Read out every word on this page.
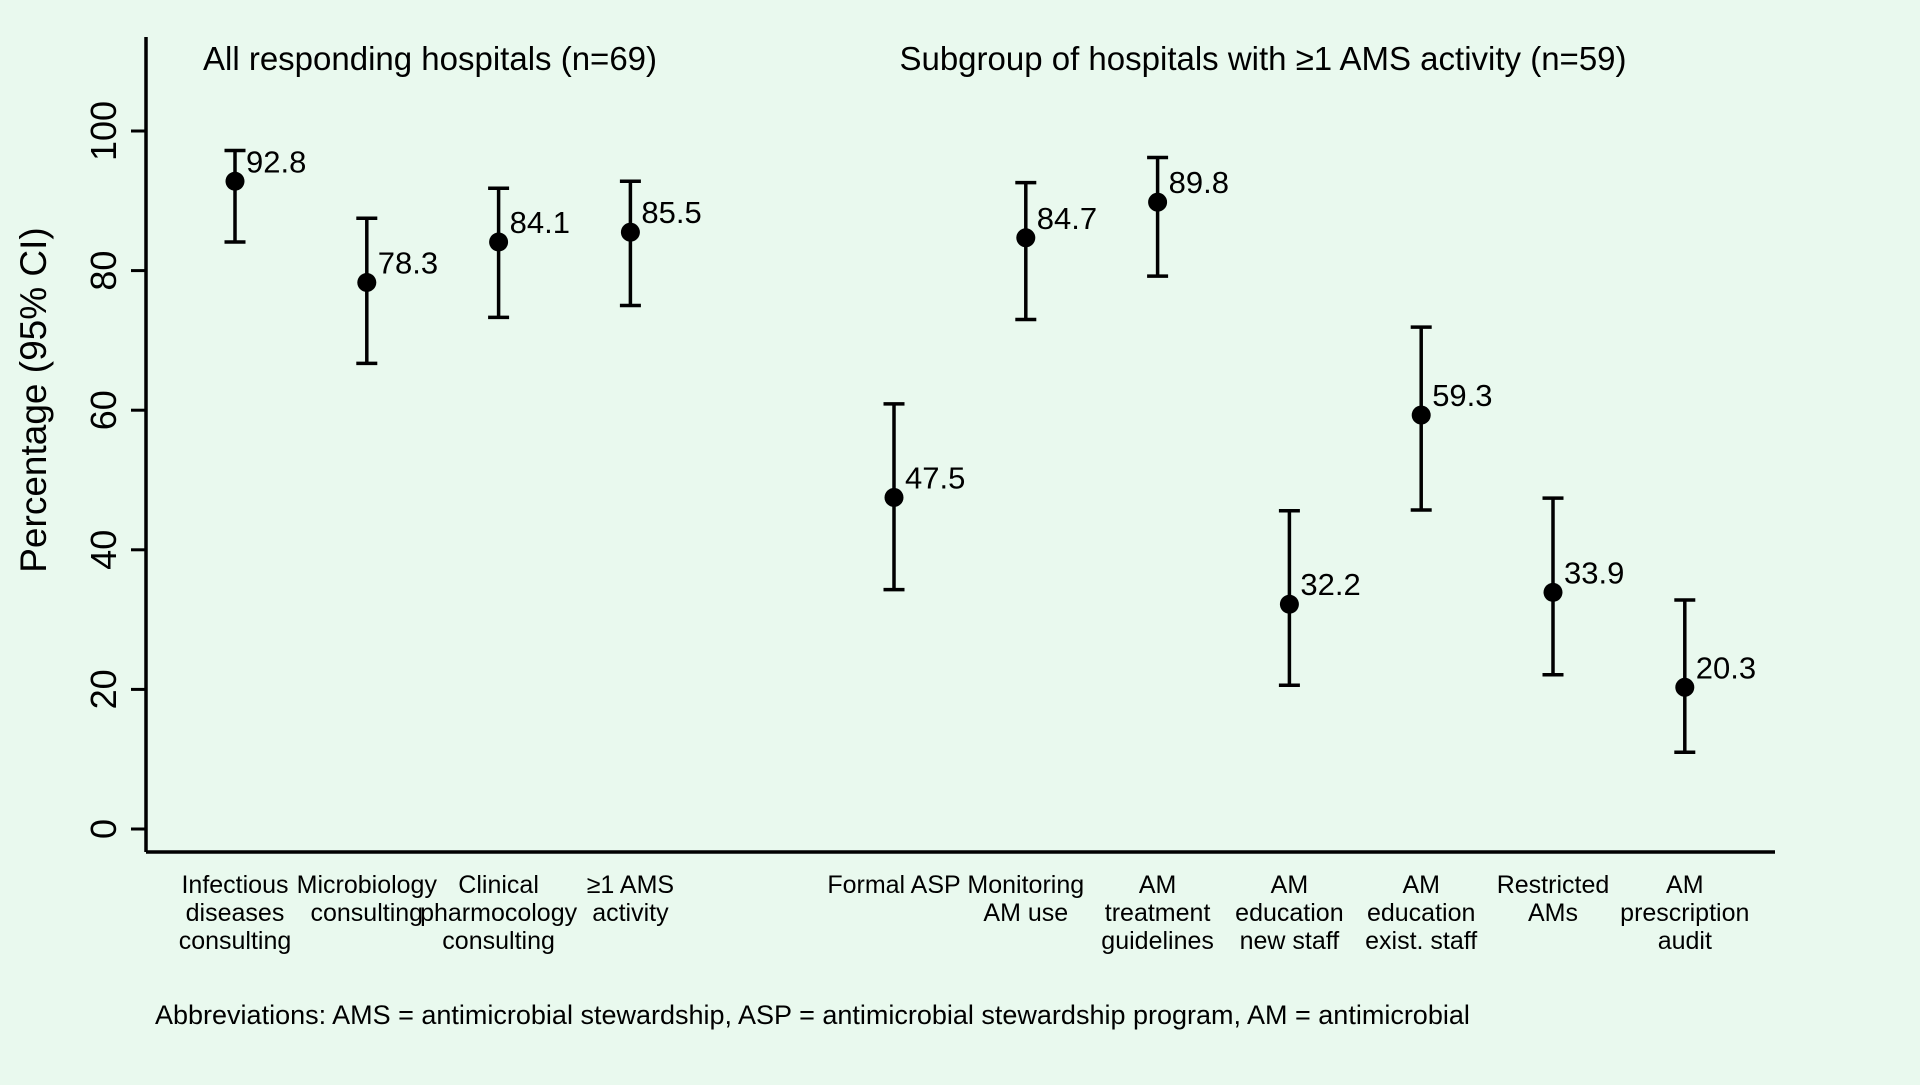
All responding hospitals (n=69)	Subgroup of hospitals with ≥1 AMS activity (n=59)
Percentage (95% CI)
0
20
40
60
80
100
92.8
78.3
84.1 85.5
47.5
84.7
89.8
32.2
59.3
33.9
20.3
Infectious
diseases
consulting
Microbiology
consulting
Clinical
pharmocology
consulting
≥1 AMS
activity
Formal ASP Monitoring
AM use
AM
treatment
guidelines
AM
education
new staff
AM
education
exist. staff
Restricted
AMs
AM
prescription
audit
Abbreviations: AMS = antimicrobial stewardship, ASP = antimicrobial stewardship program, AM = antimicrobial
